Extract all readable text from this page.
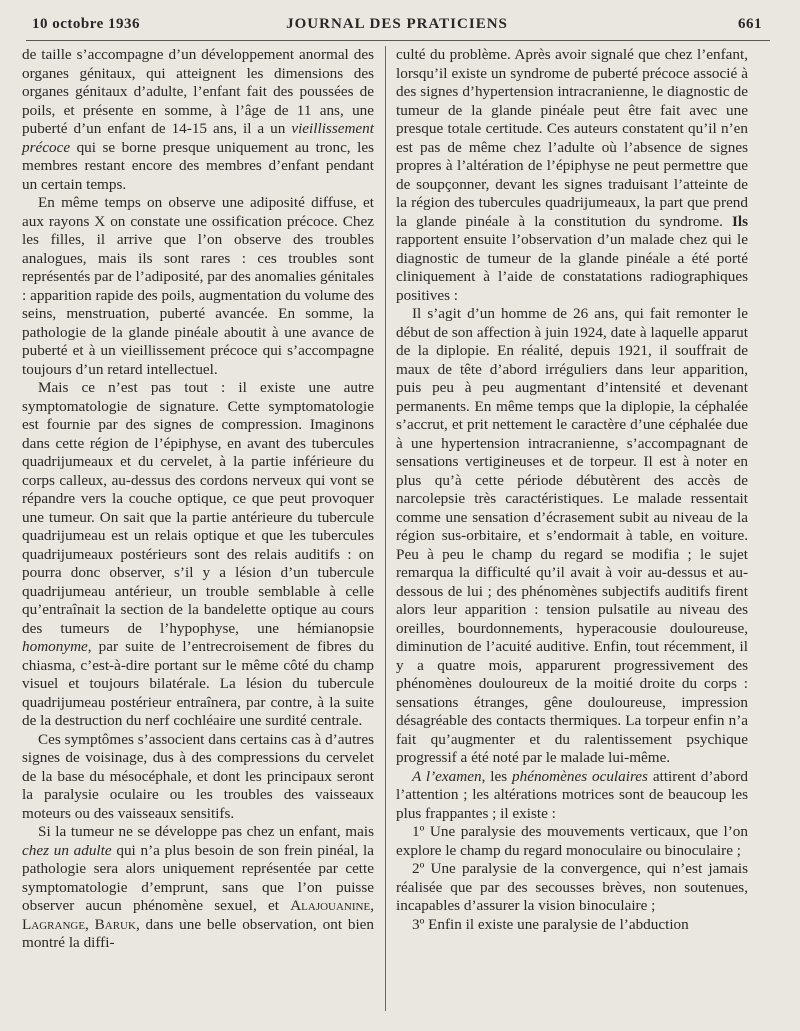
10 octobre 1936	JOURNAL DES PRATICIENS	661

de taille s’accompagne d’un développement anormal des organes génitaux, qui atteignent les dimensions des organes génitaux d’adulte, l’enfant fait des poussées de poils, et présente en somme, à l’âge de 11 ans, une puberté d’un enfant de 14-15 ans, il a un vieillissement précoce qui se borne presque uniquement au tronc, les membres restant encore des membres d’enfant pendant un certain temps.

En même temps on observe une adiposité diffuse, et aux rayons X on constate une ossification précoce. Chez les filles, il arrive que l’on observe des troubles analogues, mais ils sont rares : ces troubles sont représentés par de l’adiposité, par des anomalies génitales : apparition rapide des poils, augmentation du volume des seins, menstruation, puberté avancée. En somme, la pathologie de la glande pinéale aboutit à une avance de puberté et à un vieillissement précoce qui s’accompagne toujours d’un retard intellectuel.

Mais ce n’est pas tout : il existe une autre symptomatologie de signature. Cette symptomatologie est fournie par des signes de compression. Imaginons dans cette région de l’épiphyse, en avant des tubercules quadrijumeaux et du cervelet, à la partie inférieure du corps calleux, au-dessus des cordons nerveux qui vont se répandre vers la couche optique, ce que peut provoquer une tumeur. On sait que la partie antérieure du tubercule quadrijumeau est un relais optique et que les tubercules quadrijumeaux postérieurs sont des relais auditifs : on pourra donc observer, s’il y a lésion d’un tubercule quadrijumeau antérieur, un trouble semblable à celle qu’entraînait la section de la bandelette optique au cours des tumeurs de l’hypophyse, une hémianopsie homonyme, par suite de l’entrecroisement de fibres du chiasma, c’est-à-dire portant sur le même côté du champ visuel et toujours bilatérale. La lésion du tubercule quadrijumeau postérieur entraînera, par contre, à la suite de la destruction du nerf cochléaire une surdité centrale.

Ces symptômes s’associent dans certains cas à d’autres signes de voisinage, dus à des compressions du cervelet de la base du mésocéphale, et dont les principaux seront la paralysie oculaire ou les troubles des vaisseaux moteurs ou des vaisseaux sensitifs.

Si la tumeur ne se développe pas chez un enfant, mais chez un adulte qui n’a plus besoin de son frein pinéal, la pathologie sera alors uniquement représentée par cette symptomatologie d’emprunt, sans que l’on puisse observer aucun phénomène sexuel, et Alajouanine, Lagrange, Baruk, dans une belle observation, ont bien montré la diffi-

culté du problème. Après avoir signalé que chez l’enfant, lorsqu’il existe un syndrome de puberté précoce associé à des signes d’hypertension intracranienne, le diagnostic de tumeur de la glande pinéale peut être fait avec une presque totale certitude. Ces auteurs constatent qu’il n’en est pas de même chez l’adulte où l’absence de signes propres à l’altération de l’épiphyse ne peut permettre que de soupçonner, devant les signes traduisant l’atteinte de la région des tubercules quadrijumeaux, la part que prend la glande pinéale à la constitution du syndrome. Ils rapportent ensuite l’observation d’un malade chez qui le diagnostic de tumeur de la glande pinéale a été porté cliniquement à l’aide de constatations radiographiques positives :

Il s’agit d’un homme de 26 ans, qui fait remonter le début de son affection à juin 1924, date à laquelle apparut de la diplopie. En réalité, depuis 1921, il souffrait de maux de tête d’abord irréguliers dans leur apparition, puis peu à peu augmentant d’intensité et devenant permanents. En même temps que la diplopie, la céphalée s’accrut, et prit nettement le caractère d’une céphalée due à une hypertension intracranienne, s’accompagnant de sensations vertigineuses et de torpeur. Il est à noter en plus qu’à cette période débutèrent des accès de narcolepsie très caractéristiques. Le malade ressentait comme une sensation d’écrasement subit au niveau de la région sus-orbitaire, et s’endormait à table, en voiture. Peu à peu le champ du regard se modifia ; le sujet remarqua la difficulté qu’il avait à voir au-dessus et au-dessous de lui ; des phénomènes subjectifs auditifs firent alors leur apparition : tension pulsatile au niveau des oreilles, bourdonnements, hyperacousie douloureuse, diminution de l’acuité auditive. Enfin, tout récemment, il y a quatre mois, apparurent progressivement des phénomènes douloureux de la moitié droite du corps : sensations étranges, gêne douloureuse, impression désagréable des contacts thermiques. La torpeur enfin n’a fait qu’augmenter et du ralentissement psychique progressif a été noté par le malade lui-même.

A l’examen, les phénomènes oculaires attirent d’abord l’attention ; les altérations motrices sont de beaucoup les plus frappantes ; il existe :

1º Une paralysie des mouvements verticaux, que l’on explore le champ du regard monoculaire ou binoculaire ;

2º Une paralysie de la convergence, qui n’est jamais réalisée que par des secousses brèves, non soutenues, incapables d’assurer la vision binoculaire ;

3º Enfin il existe une paralysie de l’abduction
